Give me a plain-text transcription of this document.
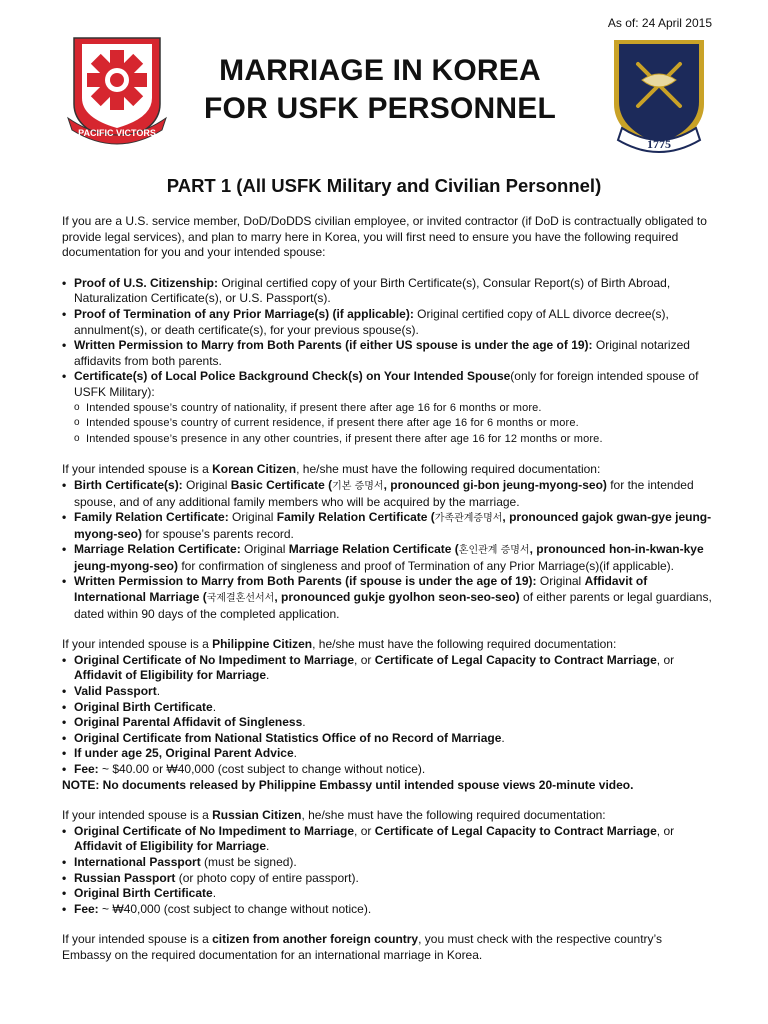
As of: 24 April 2015
PACIFIC VICTORS
MARRIAGE IN KOREA
FOR USFK PERSONNEL
1775
PART 1 (All USFK Military and Civilian Personnel)

If you are a U.S. service member, DoD/DoDDS civilian employee, or invited contractor (if DoD is contractually obligated to provide legal services), and plan to marry here in Korea, you will first need to ensure you have the following required documentation for you and your intended spouse:

• Proof of U.S. Citizenship: Original certified copy of your Birth Certificate(s), Consular Report(s) of Birth Abroad, Naturalization Certificate(s), or U.S. Passport(s).
• Proof of Termination of any Prior Marriage(s) (if applicable): Original certified copy of ALL divorce decree(s), annulment(s), or death certificate(s), for your previous spouse(s).
• Written Permission to Marry from Both Parents (if either US spouse is under the age of 19): Original notarized affidavits from both parents.
• Certificate(s) of Local Police Background Check(s) on Your Intended Spouse(only for foreign intended spouse of USFK Military):
o Intended spouse’s country of nationality, if present there after age 16 for 6 months or more.
o Intended spouse’s country of current residence, if present there after age 16 for 6 months or more.
o Intended spouse’s presence in any other countries, if present there after age 16 for 12 months or more.

If your intended spouse is a Korean Citizen, he/she must have the following required documentation:

• Birth Certificate(s): Original Basic Certificate (기본 증명서, pronounced gi-bon jeung-myong-seo) for the intended spouse, and of any additional family members who will be acquired by the marriage.
• Family Relation Certificate: Original Family Relation Certificate (가족관계증명서, pronounced gajok gwan-gye jeung-myong-seo) for spouse’s parents record.
• Marriage Relation Certificate: Original Marriage Relation Certificate (혼인관계 증명서, pronounced hon-in-kwan-kye jeung-myong-seo) for confirmation of singleness and proof of Termination of any Prior Marriage(s)(if applicable).
• Written Permission to Marry from Both Parents (if spouse is under the age of 19): Original Affidavit of International Marriage (국제결혼선서서, pronounced gukje gyolhon seon-seo-seo) of either parents or legal guardians, dated within 90 days of the completed application.

If your intended spouse is a Philippine Citizen, he/she must have the following required documentation:

• Original Certificate of No Impediment to Marriage, or Certificate of Legal Capacity to Contract Marriage, or Affidavit of Eligibility for Marriage.
• Valid Passport.
• Original Birth Certificate.
• Original Parental Affidavit of Singleness.
• Original Certificate from National Statistics Office of no Record of Marriage.
• If under age 25, Original Parent Advice.
• Fee: ~ $40.00 or ₩40,000 (cost subject to change without notice).

NOTE: No documents released by Philippine Embassy until intended spouse views 20-minute video.

If your intended spouse is a Russian Citizen, he/she must have the following required documentation:

• Original Certificate of No Impediment to Marriage, or Certificate of Legal Capacity to Contract Marriage, or Affidavit of Eligibility for Marriage.
• International Passport (must be signed).
• Russian Passport (or photo copy of entire passport).
• Original Birth Certificate.
• Fee: ~ ₩40,000 (cost subject to change without notice).

If your intended spouse is a citizen from another foreign country, you must check with the respective country’s Embassy on the required documentation for an international marriage in Korea.
